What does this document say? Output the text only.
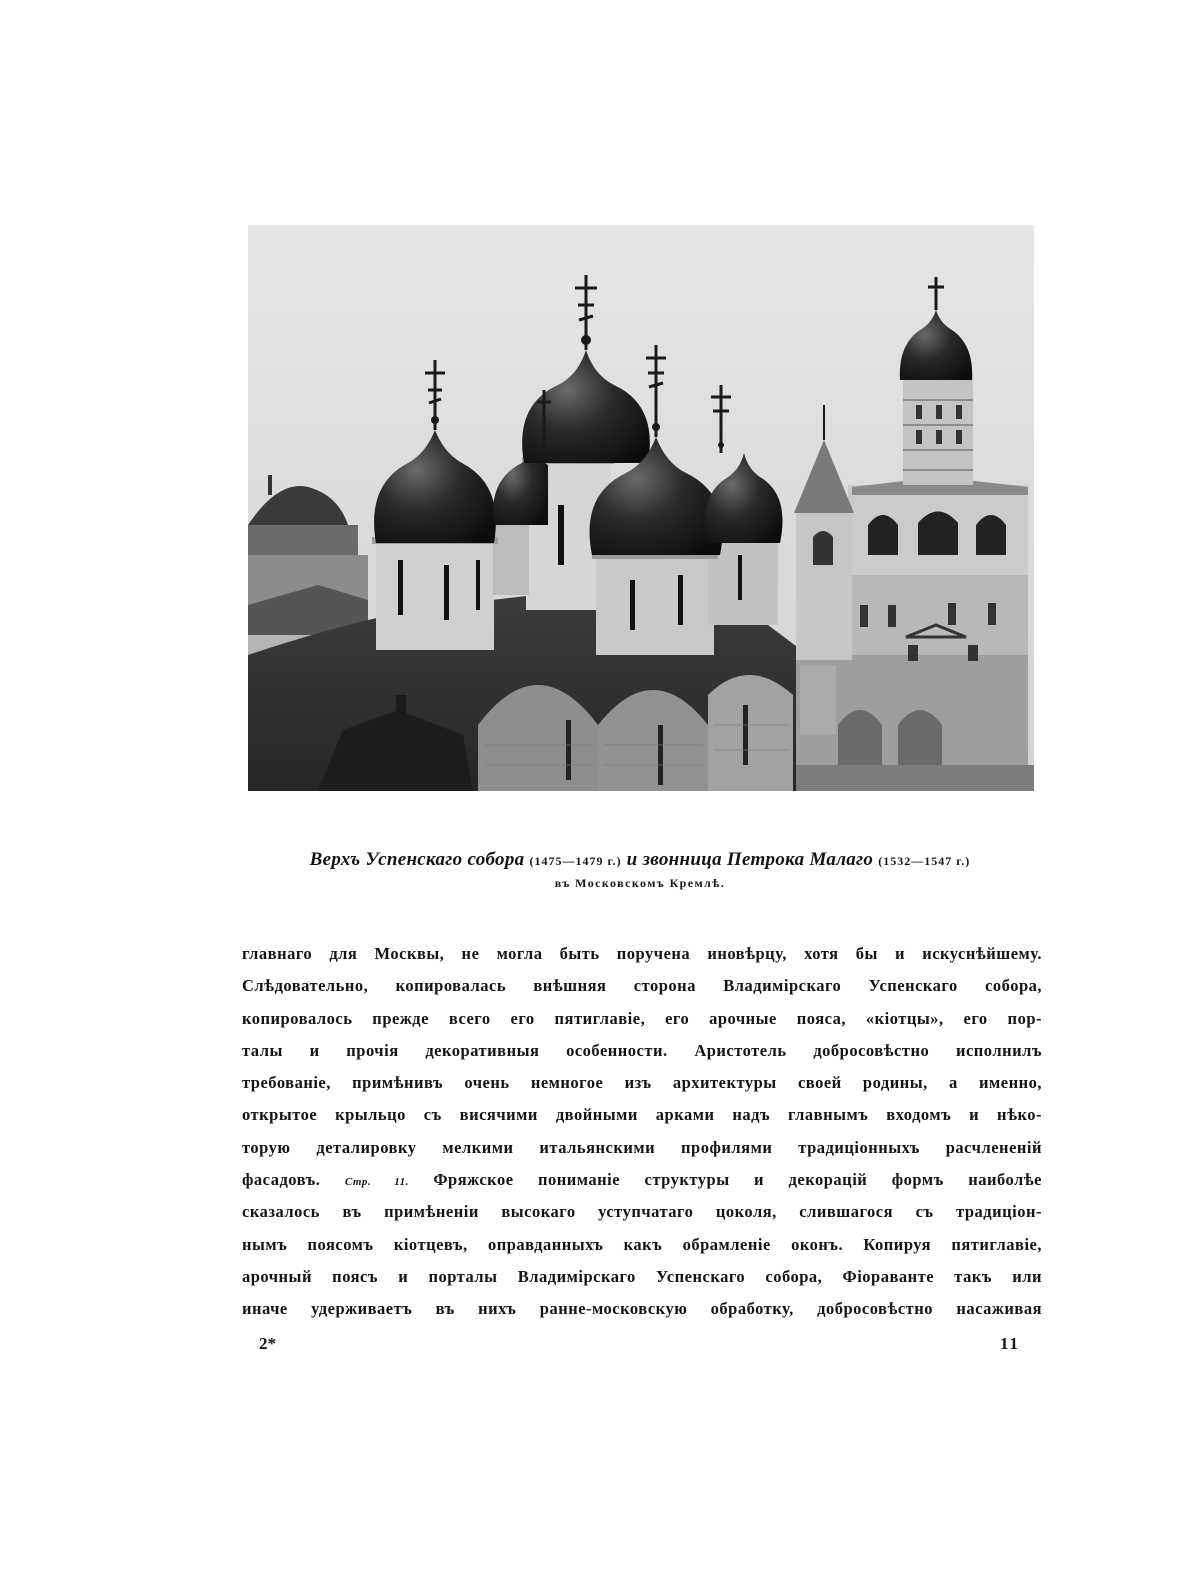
Верхъ Успенскаго собора (1475—1479 г.) и звонница Петрока Малаго (1532—1547 г.)
въ Московскомъ Кремлѣ.
главнаго для Москвы, не могла быть поручена иновѣрцу, хотя бы и искуснѣйшему.
Слѣдовательно, копировалась внѣшняя сторона Владимірскаго Успенскаго собора,
копировалось прежде всего его пятиглавіе, его арочные пояса, «кіотцы», его пор-
талы и прочія декоративныя особенности. Аристотель добросовѣстно исполнилъ
требованіе, примѣнивъ очень немногое изъ архитектуры своей родины, а именно,
открытое крыльцо съ висячими двойными арками надъ главнымъ входомъ и нѣко-
торую деталировку мелкими итальянскими профилями традиціонныхъ расчлененій
фасадовъ. Стр. 11. Фряжское пониманіе структуры и декорацій формъ наиболѣе
сказалось въ примѣненіи высокаго уступчатаго цоколя, слившагося съ традиціон-
нымъ поясомъ кіотцевъ, оправданныхъ какъ обрамленіе оконъ. Копируя пятиглавіе,
арочный поясъ и порталы Владимірскаго Успенскаго собора, Фіораванте такъ или
иначе удерживаетъ въ нихъ ранне-московскую обработку, добросовѣстно насаживая
2*	11
